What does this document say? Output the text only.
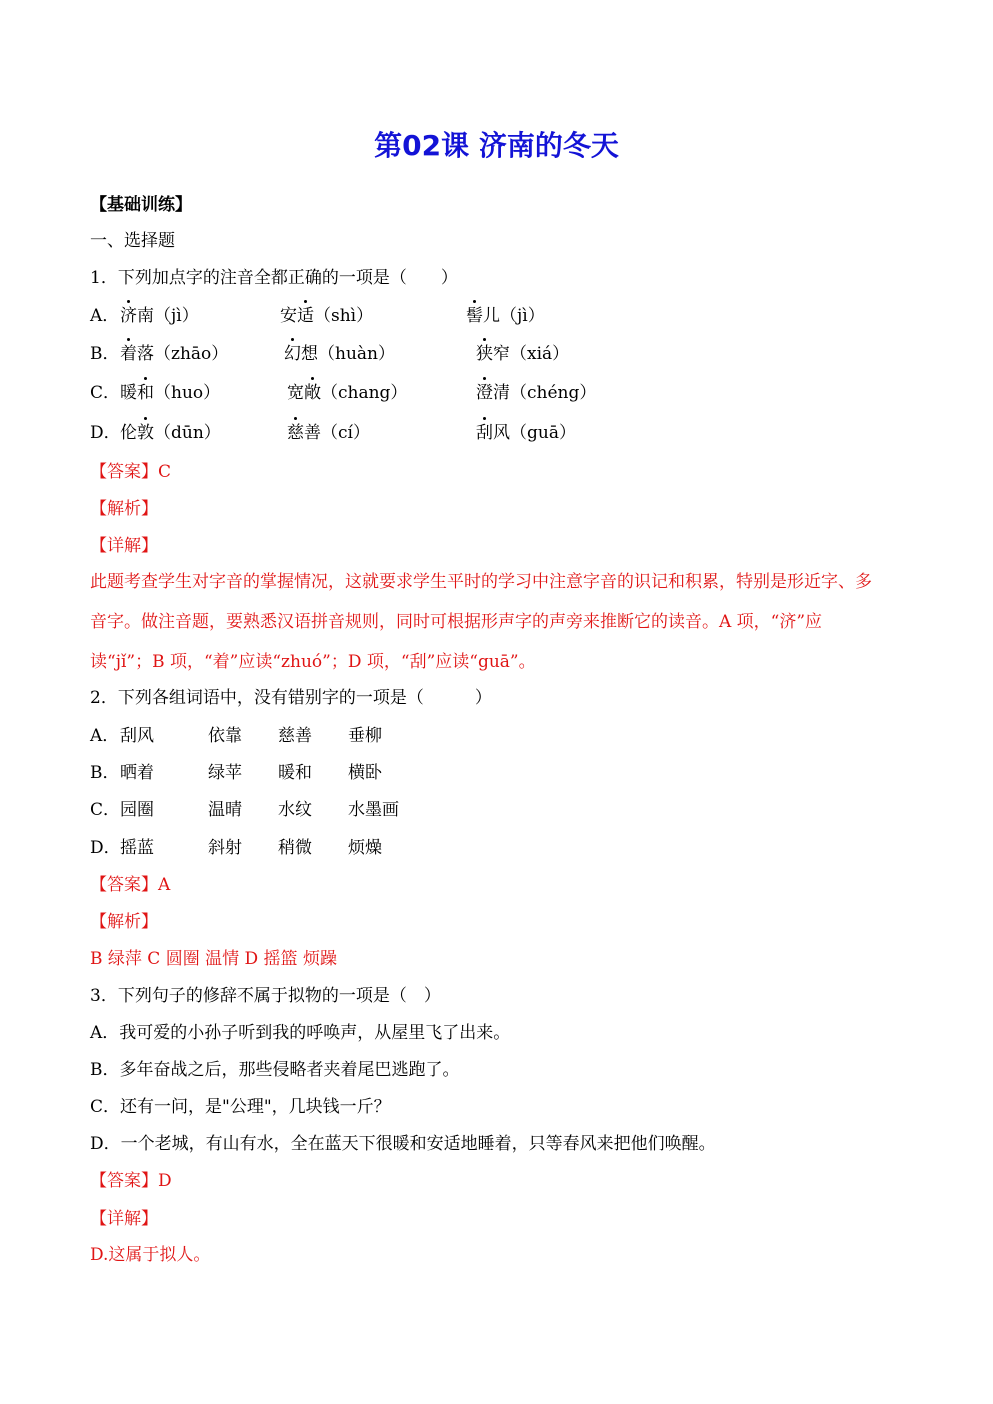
第02课 济南的冬天
【基础训练】
一、选择题
1．下列加点字的注音全都正确的一项是（　　）
A． 济南（jì）	安适（shì）	髻儿（jì）
B． 着落（zhāo）	幻想（huàn）	狭窄（xiá）
C． 暖和（huo）	宽敞（chang）	澄清（chéng）
D． 伦敦（dūn）	慈善（cí）	刮风（guā）
【答案】C
【解析】
【详解】
此题考查学生对字音的掌握情况，这就要求学生平时的学习中注意字音的识记和积累，特别是形近字、多
音字。做注音题，要熟悉汉语拼音规则，同时可根据形声字的声旁来推断它的读音。A 项，“济”应
读“jǐ”；B 项，“着”应读“zhuó”；D 项，“刮”应读“guā”。
2．下列各组词语中，没有错别字的一项是（　　　）
A． 刮风	依靠 慈善 垂柳
B． 晒着	绿苹 暖和 横卧
C． 园圈	温晴 水纹 水墨画
D． 摇蓝	斜射 稍微 烦燥
【答案】A
【解析】
B 绿萍 C 圆圈 温情 D 摇篮 烦躁
3．下列句子的修辞不属于拟物的一项是（　）
A．我可爱的小孙子听到我的呼唤声，从屋里飞了出来。
B．多年奋战之后，那些侵略者夹着尾巴逃跑了。
C．还有一问，是"公理"，几块钱一斤？
D．一个老城，有山有水，全在蓝天下很暖和安适地睡着，只等春风来把他们唤醒。
【答案】D
【详解】
D.这属于拟人。
